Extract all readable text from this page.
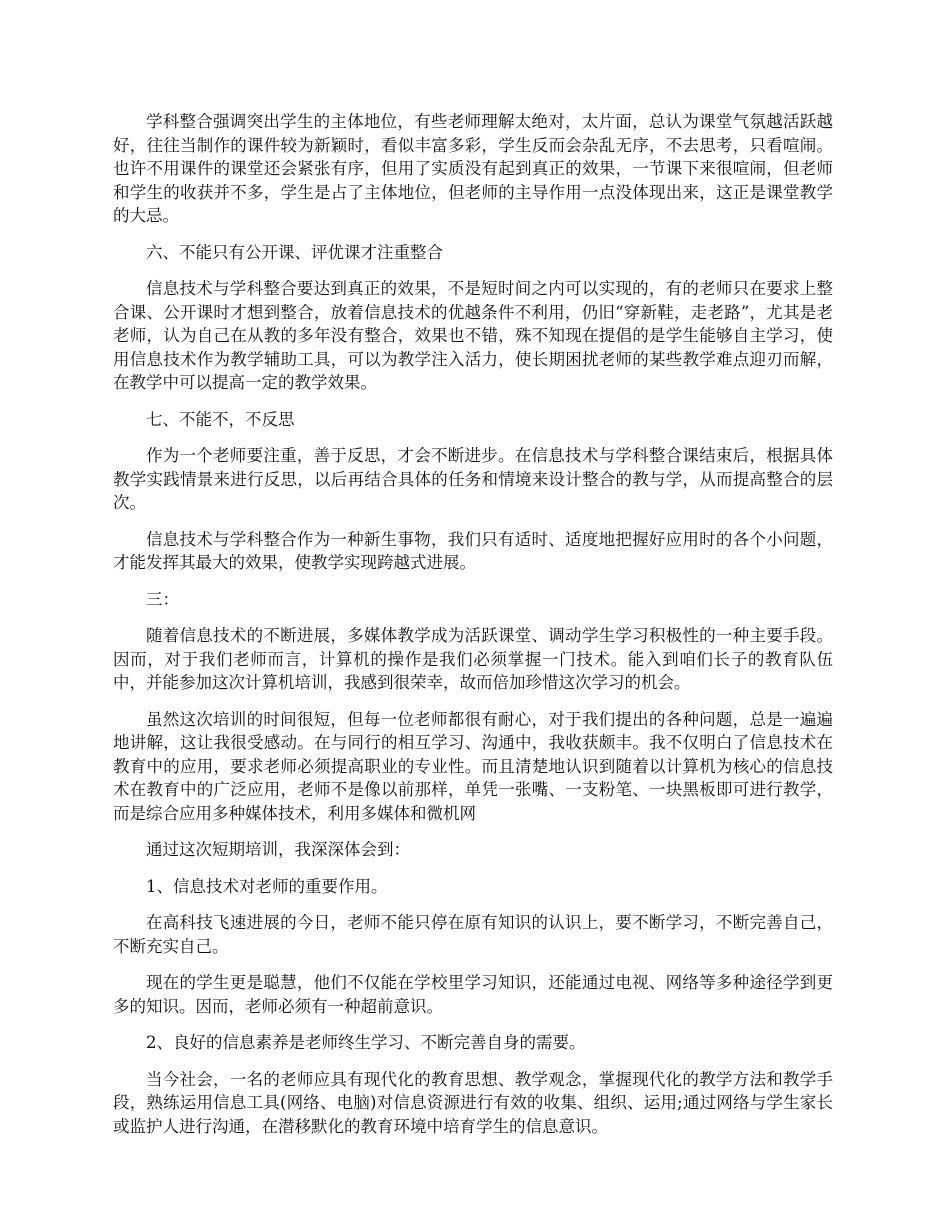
学科整合强调突出学生的主体地位，有些老师理解太绝对，太片面，总认为课堂气氛越活跃越好，往往当制作的课件较为新颖时，看似丰富多彩，学生反而会杂乱无序，不去思考，只看喧闹。也许不用课件的课堂还会紧张有序，但用了实质没有起到真正的效果，一节课下来很喧闹，但老师和学生的收获并不多，学生是占了主体地位，但老师的主导作用一点没体现出来，这正是课堂教学的大忌。

六、不能只有公开课、评优课才注重整合

信息技术与学科整合要达到真正的效果，不是短时间之内可以实现的，有的老师只在要求上整合课、公开课时才想到整合，放着信息技术的优越条件不利用，仍旧“穿新鞋，走老路”，尤其是老老师，认为自己在从教的多年没有整合，效果也不错，殊不知现在提倡的是学生能够自主学习，使用信息技术作为教学辅助工具，可以为教学注入活力，使长期困扰老师的某些教学难点迎刃而解，在教学中可以提高一定的教学效果。

七、不能不，不反思

作为一个老师要注重，善于反思，才会不断进步。在信息技术与学科整合课结束后，根据具体教学实践情景来进行反思，以后再结合具体的任务和情境来设计整合的教与学，从而提高整合的层次。

信息技术与学科整合作为一种新生事物，我们只有适时、适度地把握好应用时的各个小问题，才能发挥其最大的效果，使教学实现跨越式进展。

三：

随着信息技术的不断进展，多媒体教学成为活跃课堂、调动学生学习积极性的一种主要手段。因而，对于我们老师而言，计算机的操作是我们必须掌握一门技术。能入到咱们长子的教育队伍中，并能参加这次计算机培训，我感到很荣幸，故而倍加珍惜这次学习的机会。

虽然这次培训的时间很短，但每一位老师都很有耐心，对于我们提出的各种问题，总是一遍遍地讲解，这让我很受感动。在与同行的相互学习、沟通中，我收获颇丰。我不仅明白了信息技术在教育中的应用，要求老师必须提高职业的专业性。而且清楚地认识到随着以计算机为核心的信息技术在教育中的广泛应用，老师不是像以前那样，单凭一张嘴、一支粉笔、一块黑板即可进行教学，而是综合应用多种媒体技术，利用多媒体和微机网

通过这次短期培训，我深深体会到：

1、信息技术对老师的重要作用。

在高科技飞速进展的今日，老师不能只停在原有知识的认识上，要不断学习，不断完善自己，不断充实自己。

现在的学生更是聪慧，他们不仅能在学校里学习知识，还能通过电视、网络等多种途径学到更多的知识。因而，老师必须有一种超前意识。

2、良好的信息素养是老师终生学习、不断完善自身的需要。

当今社会，一名的老师应具有现代化的教育思想、教学观念，掌握现代化的教学方法和教学手段，熟练运用信息工具(网络、电脑)对信息资源进行有效的收集、组织、运用;通过网络与学生家长或监护人进行沟通，在潜移默化的教育环境中培育学生的信息意识。
